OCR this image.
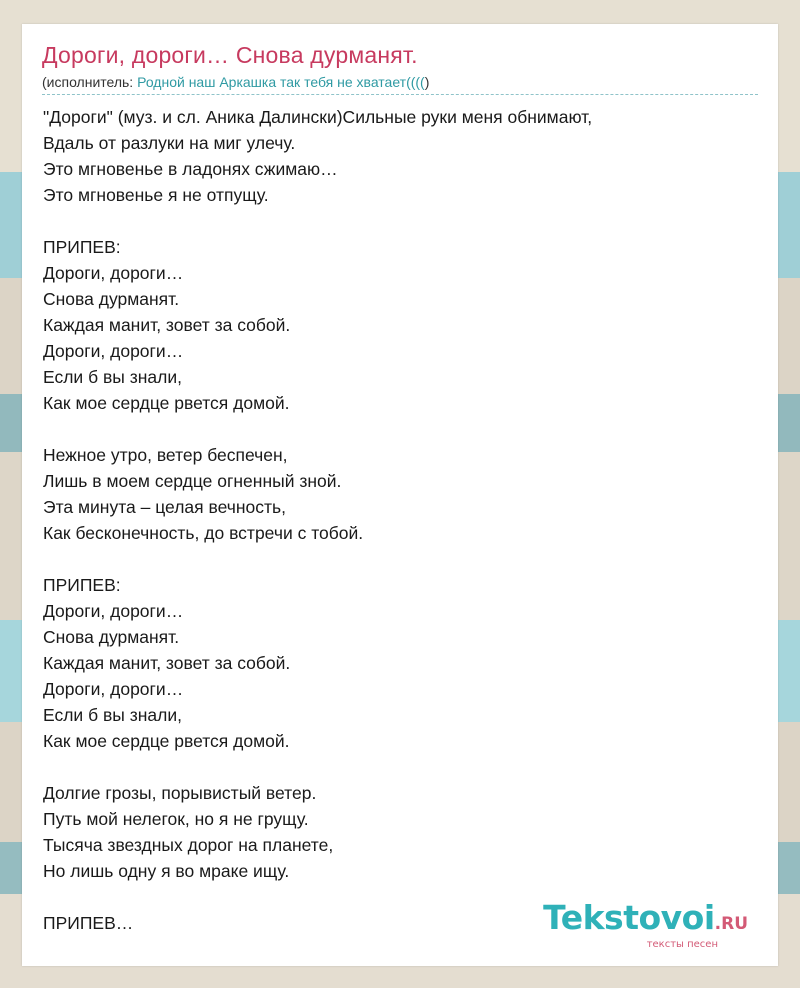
Дороги, дороги… Снова дурманят.
(исполнитель: Родной наш Аркашка так тебя не хватает(((()
"Дороги" (муз. и сл. Аника Далински)Сильные руки меня обнимают,
Вдаль от разлуки на миг улечу.
Это мгновенье в ладонях сжимаю…
Это мгновенье я не отпущу.
ПРИПЕВ:
Дороги, дороги…
Снова дурманят.
Каждая манит, зовет за собой.
Дороги, дороги…
Если б вы знали,
Как мое сердце рвется домой.
Нежное утро, ветер беспечен,
Лишь в моем сердце огненный зной.
Эта минута – целая вечность,
Как бесконечность, до встречи с тобой.
ПРИПЕВ:
Дороги, дороги…
Снова дурманят.
Каждая манит, зовет за собой.
Дороги, дороги…
Если б вы знали,
Как мое сердце рвется домой.
Долгие грозы, порывистый ветер.
Путь мой нелегок, но я не грущу.
Тысяча звездных дорог на планете,
Но лишь одну я во мраке ищу.
ПРИПЕВ…	Tekstovoi.RU
тексты песен
